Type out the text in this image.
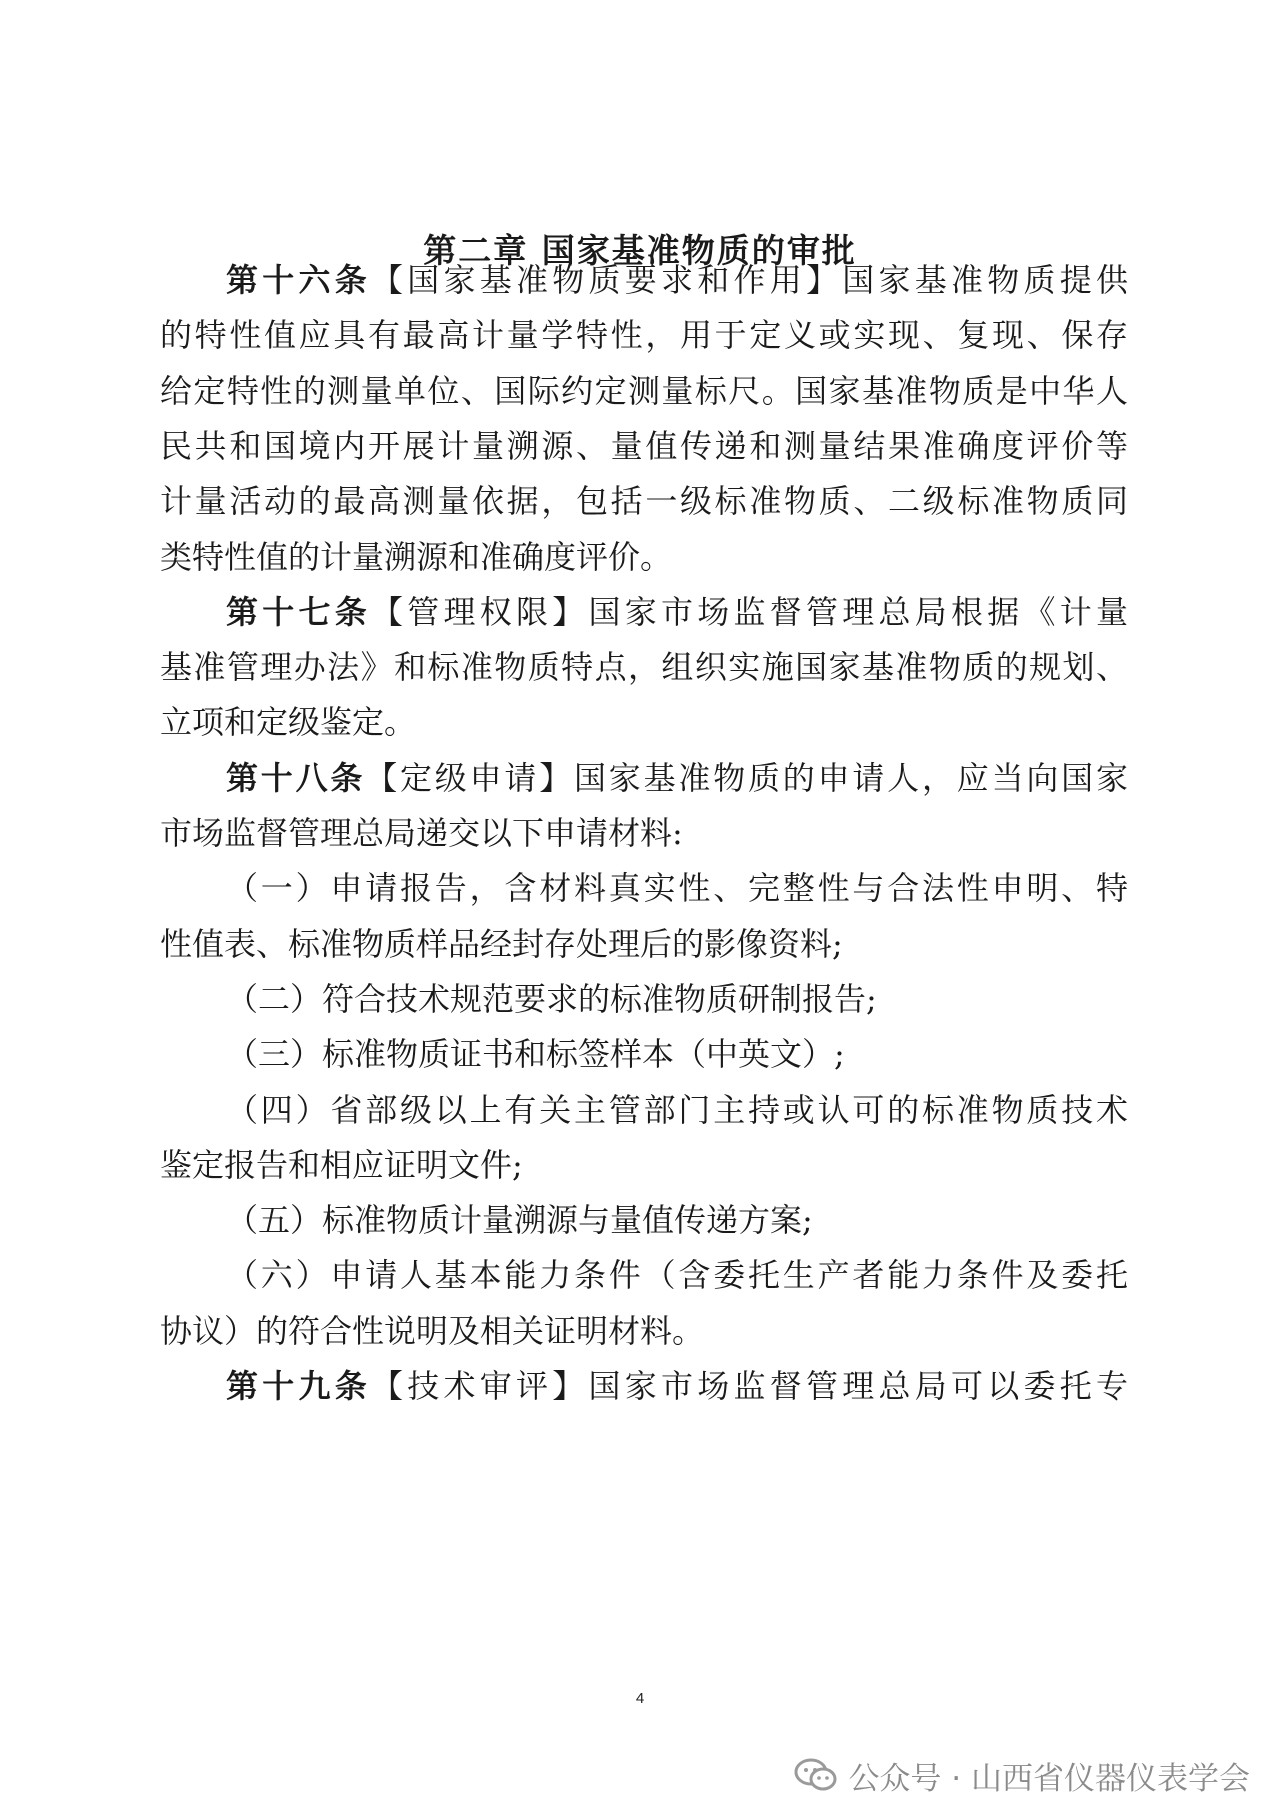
第二章 国家基准物质的审批
第十六条【国家基准物质要求和作用】国家基准物质提供
的特性值应具有最高计量学特性，用于定义或实现、复现、保存
给定特性的测量单位、国际约定测量标尺。国家基准物质是中华人
民共和国境内开展计量溯源、量值传递和测量结果准确度评价等
计量活动的最高测量依据，包括一级标准物质、二级标准物质同
类特性值的计量溯源和准确度评价。
第十七条【管理权限】国家市场监督管理总局根据《计量
基准管理办法》和标准物质特点，组织实施国家基准物质的规划、
立项和定级鉴定。
第十八条【定级申请】国家基准物质的申请人，应当向国家
市场监督管理总局递交以下申请材料:
（一）申请报告，含材料真实性、完整性与合法性申明、特
性值表、标准物质样品经封存处理后的影像资料;
（二）符合技术规范要求的标准物质研制报告;
（三）标准物质证书和标签样本（中英文）;
（四）省部级以上有关主管部门主持或认可的标准物质技术
鉴定报告和相应证明文件;
（五）标准物质计量溯源与量值传递方案;
（六）申请人基本能力条件（含委托生产者能力条件及委托
协议）的符合性说明及相关证明材料。
第十九条【技术审评】国家市场监督管理总局可以委托专
4
公众号 · 山西省仪器仪表学会
